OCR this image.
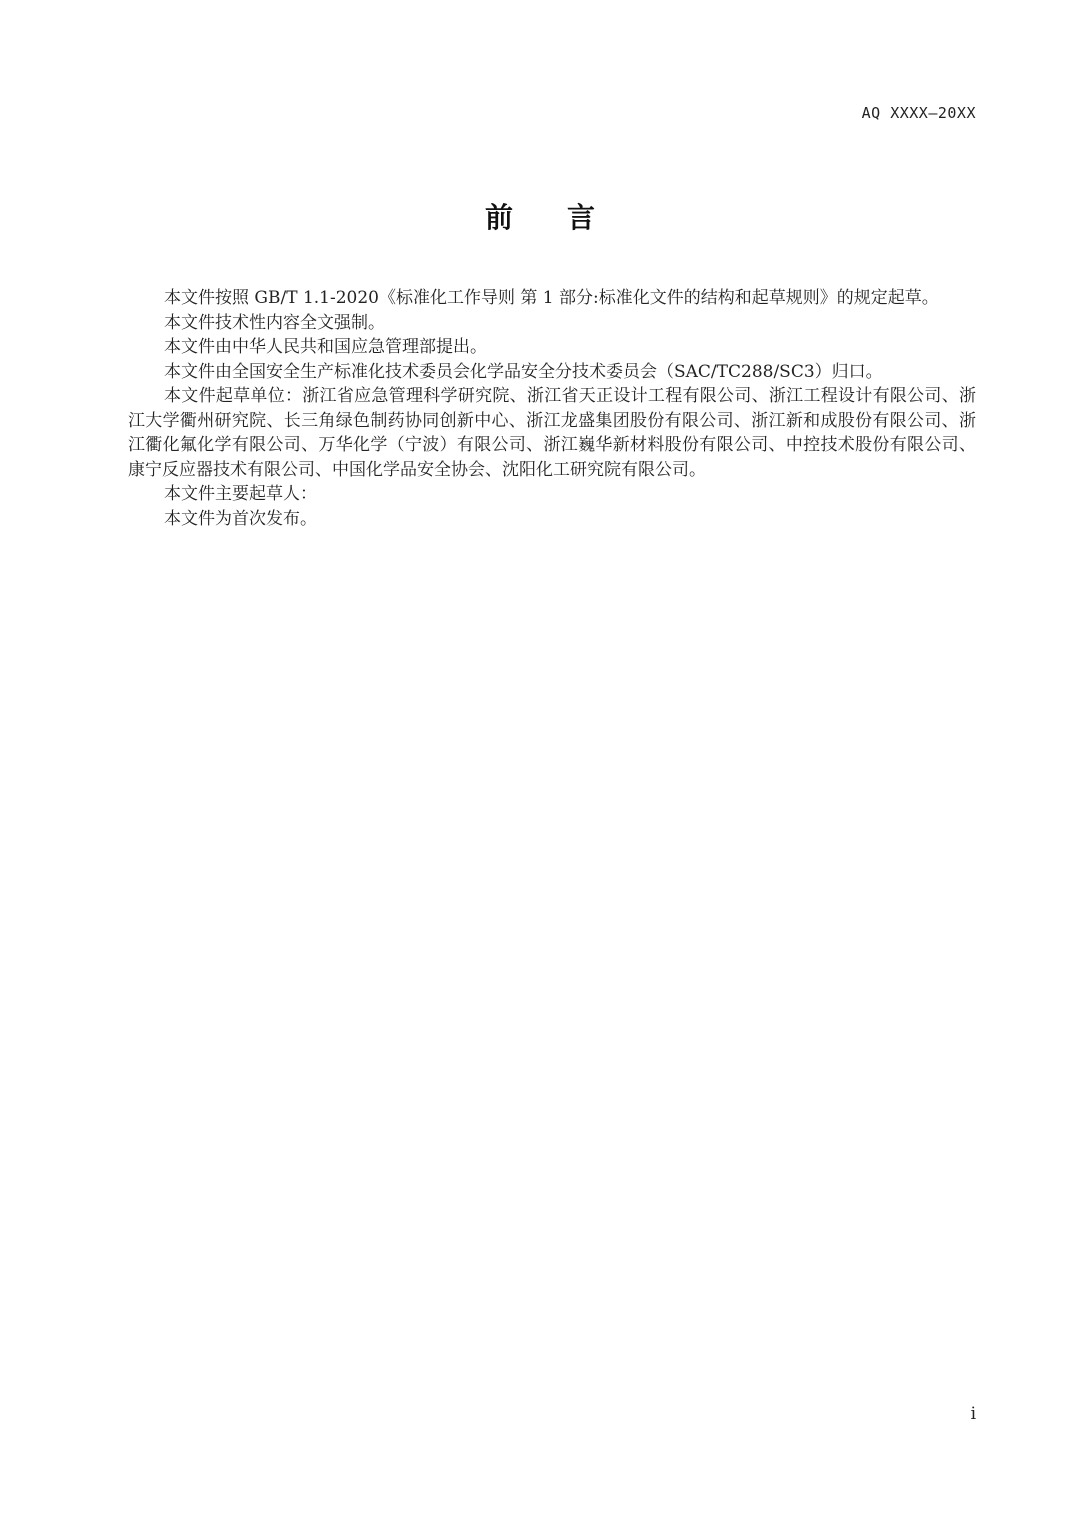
AQ XXXX—20XX
前言

本文件按照 GB/T 1.1-2020《标准化工作导则 第 1 部分:标准化文件的结构和起草规则》的规定起草。

本文件技术性内容全文强制。

本文件由中华人民共和国应急管理部提出。

本文件由全国安全生产标准化技术委员会化学品安全分技术委员会（SAC/TC288/SC3）归口。

本文件起草单位：浙江省应急管理科学研究院、浙江省天正设计工程有限公司、浙江工程设计有限公司、浙江大学衢州研究院、长三角绿色制药协同创新中心、浙江龙盛集团股份有限公司、浙江新和成股份有限公司、浙江衢化氟化学有限公司、万华化学（宁波）有限公司、浙江巍华新材料股份有限公司、中控技术股份有限公司、康宁反应器技术有限公司、中国化学品安全协会、沈阳化工研究院有限公司。

本文件主要起草人：

本文件为首次发布。

i
